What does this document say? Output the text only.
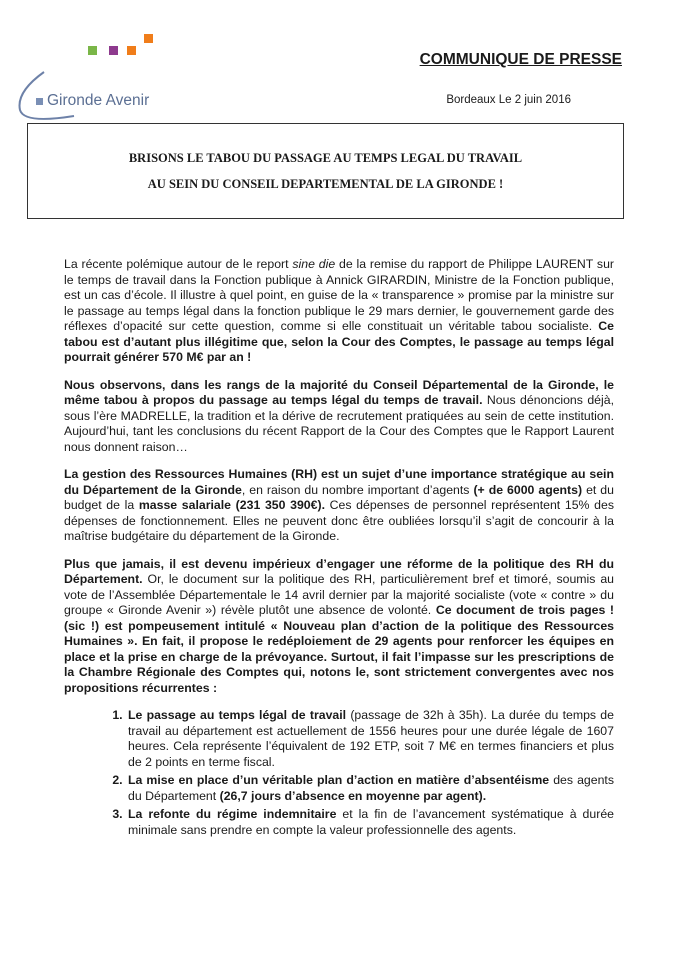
Gironde Avenir
COMMUNIQUE DE PRESSE
Bordeaux Le 2 juin 2016
BRISONS LE TABOU DU PASSAGE AU TEMPS LEGAL DU TRAVAIL
AU SEIN DU CONSEIL DEPARTEMENTAL DE LA GIRONDE !

La récente polémique autour de le report sine die de la remise du rapport de Philippe LAURENT sur le temps de travail dans la Fonction publique à Annick GIRARDIN, Ministre de la Fonction publique, est un cas d’école. Il illustre à quel point, en guise de la « transparence » promise par la ministre sur le passage au temps légal dans la fonction publique le 29 mars dernier, le gouvernement garde des réflexes d’opacité sur cette question, comme si elle constituait un véritable tabou socialiste. Ce tabou est d’autant plus illégitime que, selon la Cour des Comptes, le passage au temps légal pourrait générer 570 M€ par an !

Nous observons, dans les rangs de la majorité du Conseil Départemental de la Gironde, le même tabou à propos du passage au temps légal du temps de travail. Nous dénoncions déjà, sous l’ère MADRELLE, la tradition et la dérive de recrutement pratiquées au sein de cette institution. Aujourd’hui, tant les conclusions du récent Rapport de la Cour des Comptes que le Rapport Laurent nous donnent raison…

La gestion des Ressources Humaines (RH) est un sujet d’une importance stratégique au sein du Département de la Gironde, en raison du nombre important d’agents (+ de 6000 agents) et du budget de la masse salariale (231 350 390€). Ces dépenses de personnel représentent 15% des dépenses de fonctionnement. Elles ne peuvent donc être oubliées lorsqu’il s’agit de concourir à la maîtrise budgétaire du département de la Gironde.

Plus que jamais, il est devenu impérieux d’engager une réforme de la politique des RH du Département. Or, le document sur la politique des RH, particulièrement bref et timoré, soumis au vote de l’Assemblée Départementale le 14 avril dernier par la majorité socialiste (vote « contre » du groupe « Gironde Avenir ») révèle plutôt une absence de volonté. Ce document de trois pages ! (sic !) est pompeusement intitulé « Nouveau plan d’action de la politique des Ressources Humaines ». En fait, il propose le redéploiement de 29 agents pour renforcer les équipes en place et la prise en charge de la prévoyance. Surtout, il fait l’impasse sur les prescriptions de la Chambre Régionale des Comptes qui, notons le, sont strictement convergentes avec nos propositions récurrentes :

1. Le passage au temps légal de travail (passage de 32h à 35h). La durée du temps de travail au département est actuellement de 1556 heures pour une durée légale de 1607 heures. Cela représente l’équivalent de 192 ETP, soit 7 M€ en termes financiers et plus de 2 points en terme fiscal.
2. La mise en place d’un véritable plan d’action en matière d’absentéisme des agents du Département (26,7 jours d’absence en moyenne par agent).
3. La refonte du régime indemnitaire et la fin de l’avancement systématique à durée minimale sans prendre en compte la valeur professionnelle des agents.
